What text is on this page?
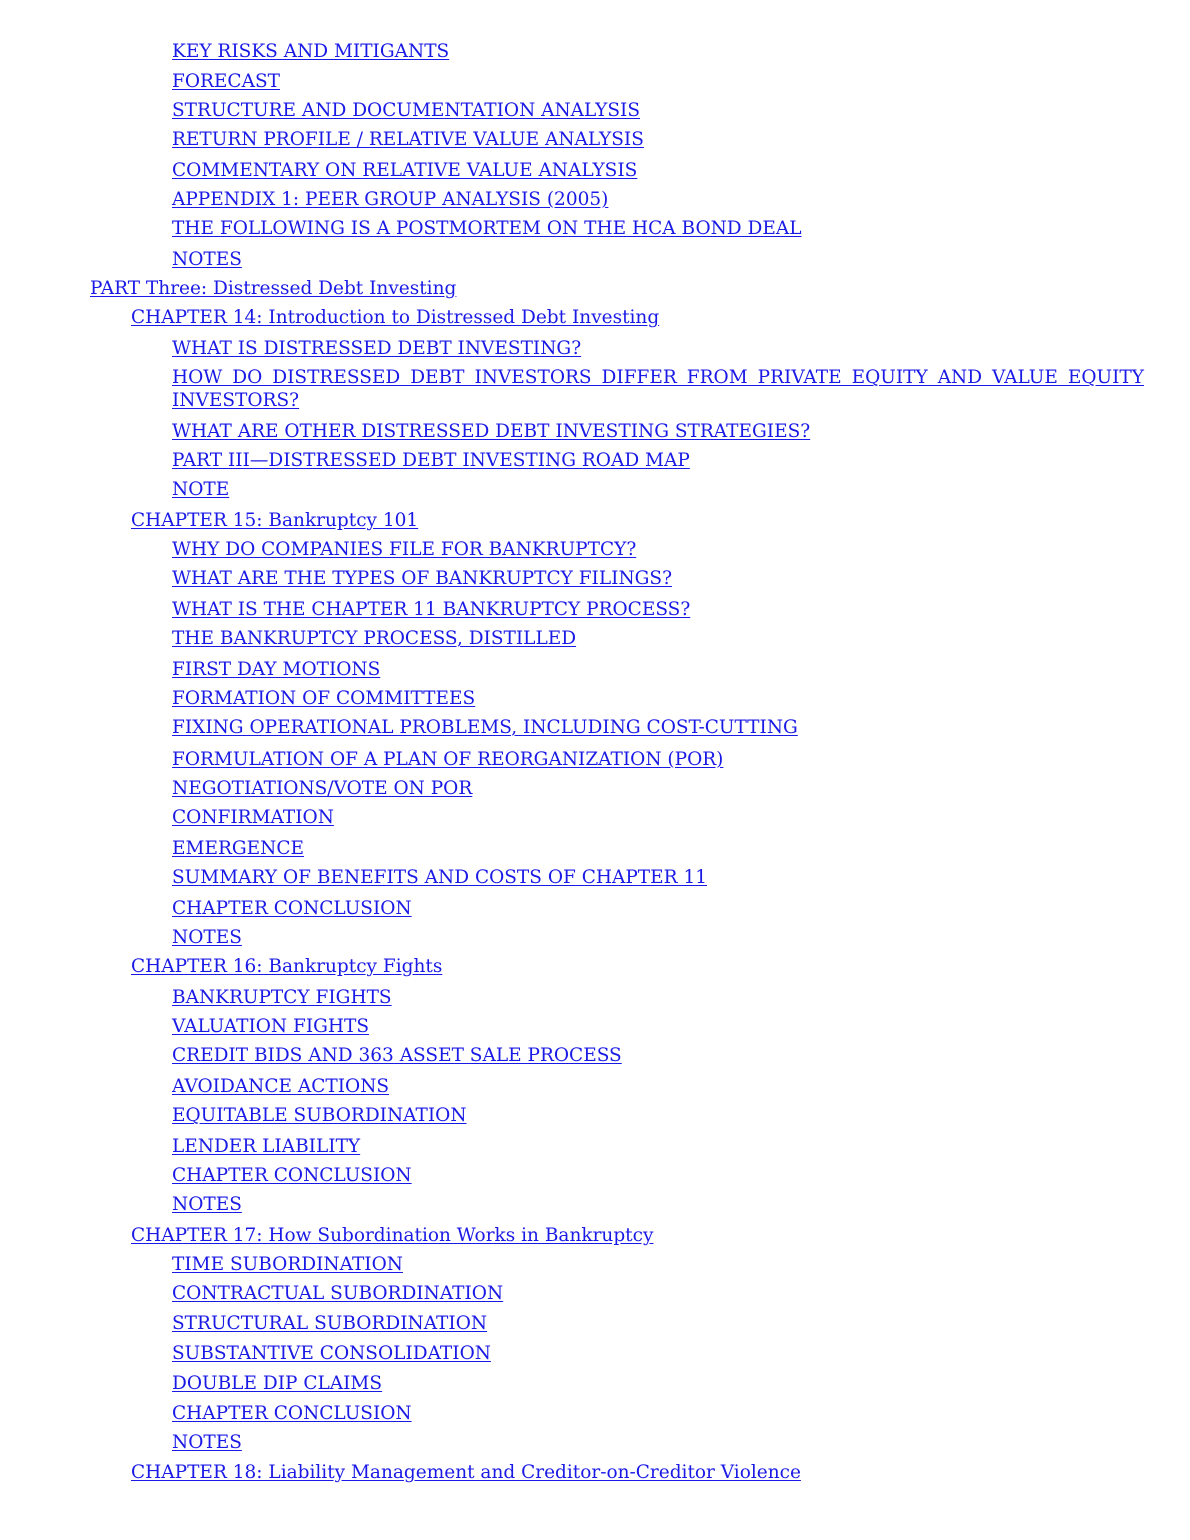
KEY RISKS AND MITIGANTS
FORECAST
STRUCTURE AND DOCUMENTATION ANALYSIS
RETURN PROFILE / RELATIVE VALUE ANALYSIS
COMMENTARY ON RELATIVE VALUE ANALYSIS
APPENDIX 1: PEER GROUP ANALYSIS (2005)
THE FOLLOWING IS A POSTMORTEM ON THE HCA BOND DEAL
NOTES
PART Three: Distressed Debt Investing
CHAPTER 14: Introduction to Distressed Debt Investing
WHAT IS DISTRESSED DEBT INVESTING?
HOW DO DISTRESSED DEBT INVESTORS DIFFER FROM PRIVATE EQUITY AND VALUE EQUITY INVESTORS?
WHAT ARE OTHER DISTRESSED DEBT INVESTING STRATEGIES?
PART III—DISTRESSED DEBT INVESTING ROAD MAP
NOTE
CHAPTER 15: Bankruptcy 101
WHY DO COMPANIES FILE FOR BANKRUPTCY?
WHAT ARE THE TYPES OF BANKRUPTCY FILINGS?
WHAT IS THE CHAPTER 11 BANKRUPTCY PROCESS?
THE BANKRUPTCY PROCESS, DISTILLED
FIRST DAY MOTIONS
FORMATION OF COMMITTEES
FIXING OPERATIONAL PROBLEMS, INCLUDING COST-CUTTING
FORMULATION OF A PLAN OF REORGANIZATION (POR)
NEGOTIATIONS/VOTE ON POR
CONFIRMATION
EMERGENCE
SUMMARY OF BENEFITS AND COSTS OF CHAPTER 11
CHAPTER CONCLUSION
NOTES
CHAPTER 16: Bankruptcy Fights
BANKRUPTCY FIGHTS
VALUATION FIGHTS
CREDIT BIDS AND 363 ASSET SALE PROCESS
AVOIDANCE ACTIONS
EQUITABLE SUBORDINATION
LENDER LIABILITY
CHAPTER CONCLUSION
NOTES
CHAPTER 17: How Subordination Works in Bankruptcy
TIME SUBORDINATION
CONTRACTUAL SUBORDINATION
STRUCTURAL SUBORDINATION
SUBSTANTIVE CONSOLIDATION
DOUBLE DIP CLAIMS
CHAPTER CONCLUSION
NOTES
CHAPTER 18: Liability Management and Creditor-on-Creditor Violence
